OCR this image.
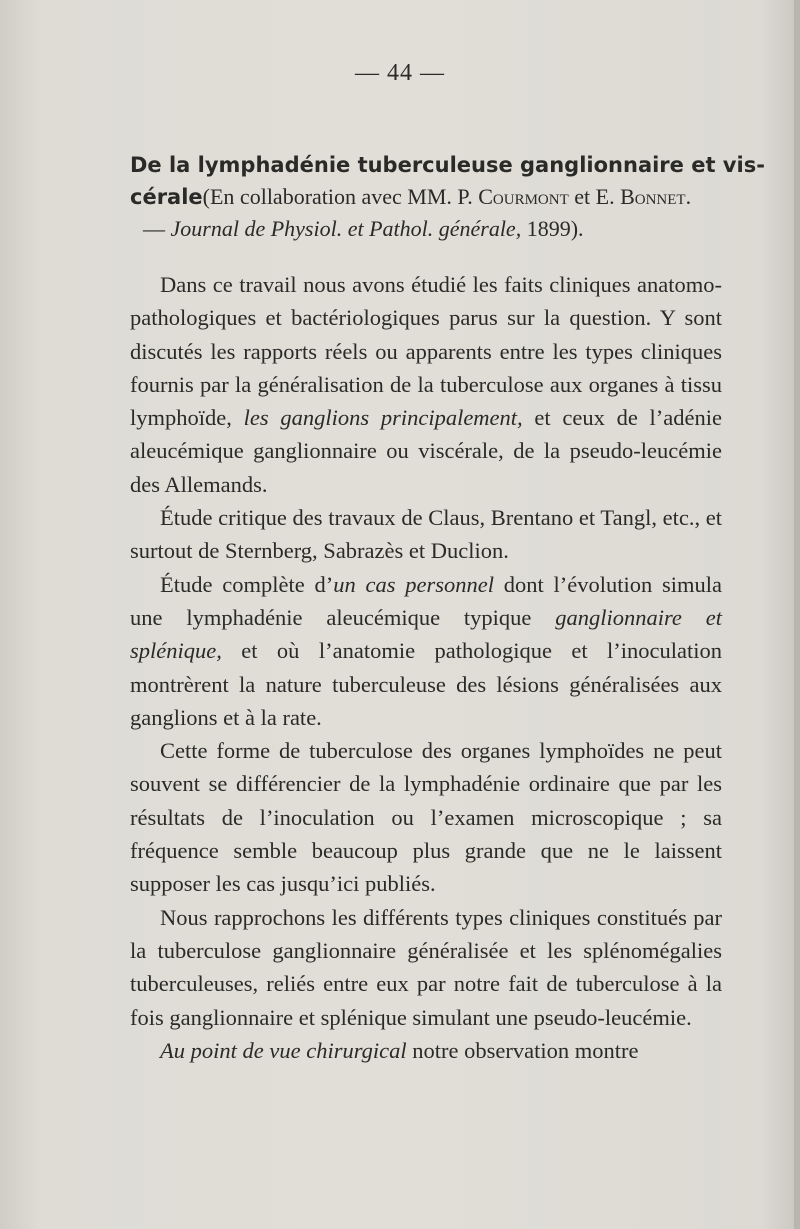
— 44 —
De la lymphadénie tuberculeuse ganglionnaire et vis-
cérale(En collaboration avec MM. P. Courmont et E. Bonnet.
— Journal de Physiol. et Pathol. générale, 1899).

Dans ce travail nous avons étudié les faits cliniques anatomo-pathologiques et bactériologiques parus sur la question. Y sont discutés les rapports réels ou apparents entre les types cliniques fournis par la généralisation de la tuberculose aux organes à tissu lymphoïde, les ganglions principalement, et ceux de l’adénie aleucémique ganglionnaire ou viscérale, de la pseudo-leucémie des Allemands.

Étude critique des travaux de Claus, Brentano et Tangl, etc., et surtout de Sternberg, Sabrazès et Duclion.

Étude complète d’un cas personnel dont l’évolution simula une lymphadénie aleucémique typique ganglionnaire et splénique, et où l’anatomie pathologique et l’inoculation montrèrent la nature tuberculeuse des lésions généralisées aux ganglions et à la rate.

Cette forme de tuberculose des organes lymphoïdes ne peut souvent se différencier de la lymphadénie ordinaire que par les résultats de l’inoculation ou l’examen microscopique ; sa fréquence semble beaucoup plus grande que ne le laissent supposer les cas jusqu’ici publiés.

Nous rapprochons les différents types cliniques constitués par la tuberculose ganglionnaire généralisée et les splénomégalies tuberculeuses, reliés entre eux par notre fait de tuberculose à la fois ganglionnaire et splénique simulant une pseudo-leucémie.

Au point de vue chirurgical notre observation montre
